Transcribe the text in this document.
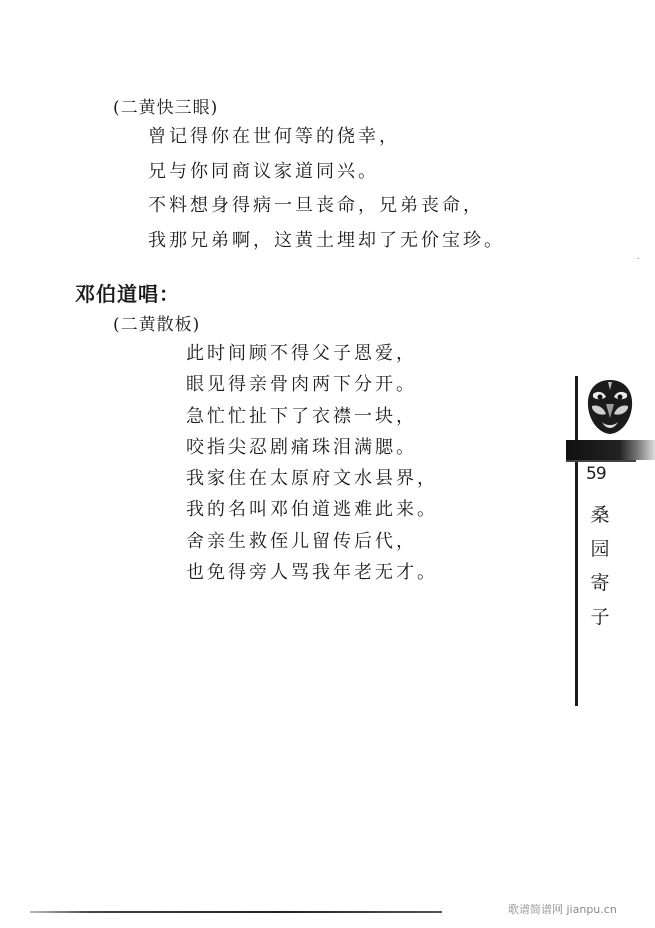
(二黄快三眼)
曾记得你在世何等的侥幸，
兄与你同商议家道同兴。
不料想身得病一旦丧命，兄弟丧命，
我那兄弟啊，这黄土埋却了无价宝珍。
˙
邓伯道唱：
(二黄散板)
此时间顾不得父子恩爱，
眼见得亲骨肉两下分开。
急忙忙扯下了衣襟一块，
咬指尖忍剧痛珠泪满腮。
我家住在太原府文水县界，
我的名叫邓伯道逃难此来。
舍亲生救侄儿留传后代，
也免得旁人骂我年老无才。
59
桑
园
寄
子
歌谱简谱网 jianpu.cn
